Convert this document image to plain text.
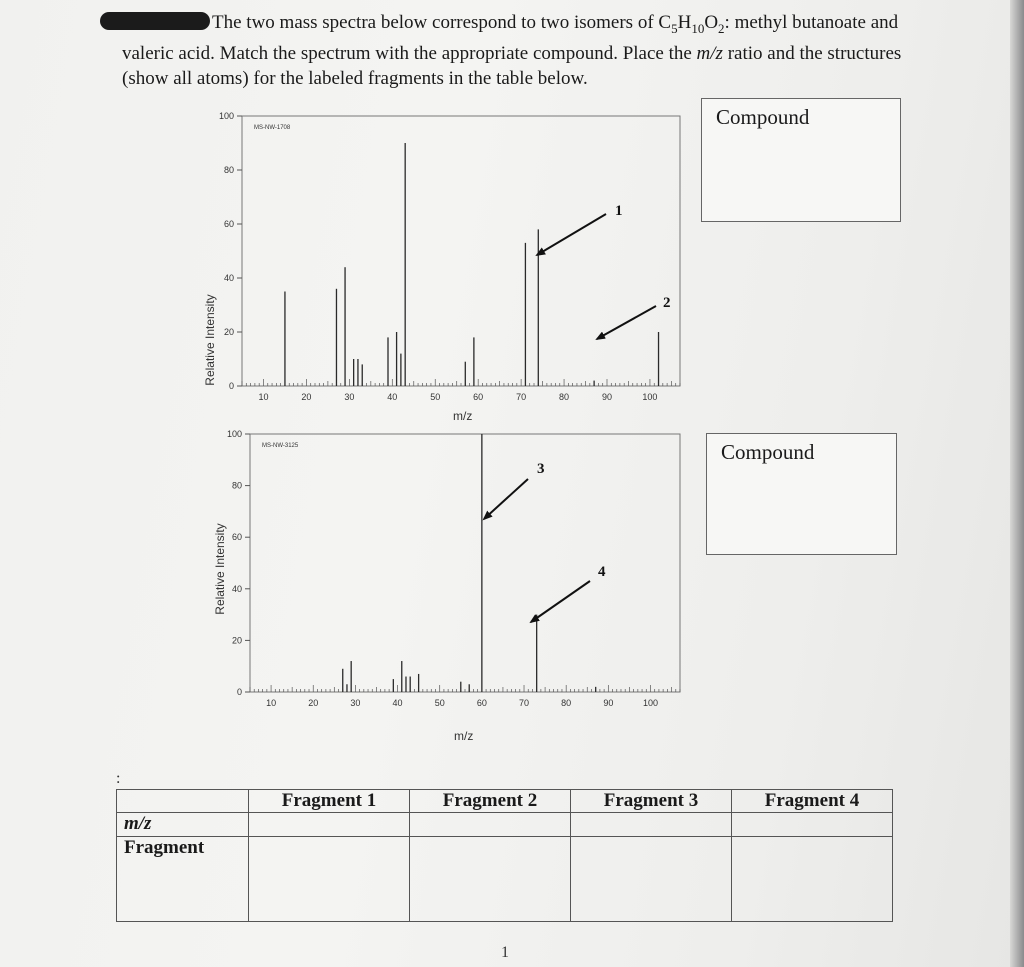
The two mass spectra below correspond to two isomers of $C_5H_{10}O_2$: methyl butanoate and valeric acid. Match the spectrum with the appropriate compound. Place the m/z ratio and the structures (show all atoms) for the labeled fragments in the table below.
Relative Intensity
m/z
10	20	30	40	50	60	70	80	90	100
0
20
40
60
80
100
MS-NW-1708
Relative Intensity
m/z
10	20	30	40	50	60	70	80	90	100
0
20
40
60
80
100
MS-NW-3125
1
2
3
4
Compound
Compound
:
	Fragment 1	Fragment 2	Fragment 3	Fragment 4
m/z				
Fragment				
1
